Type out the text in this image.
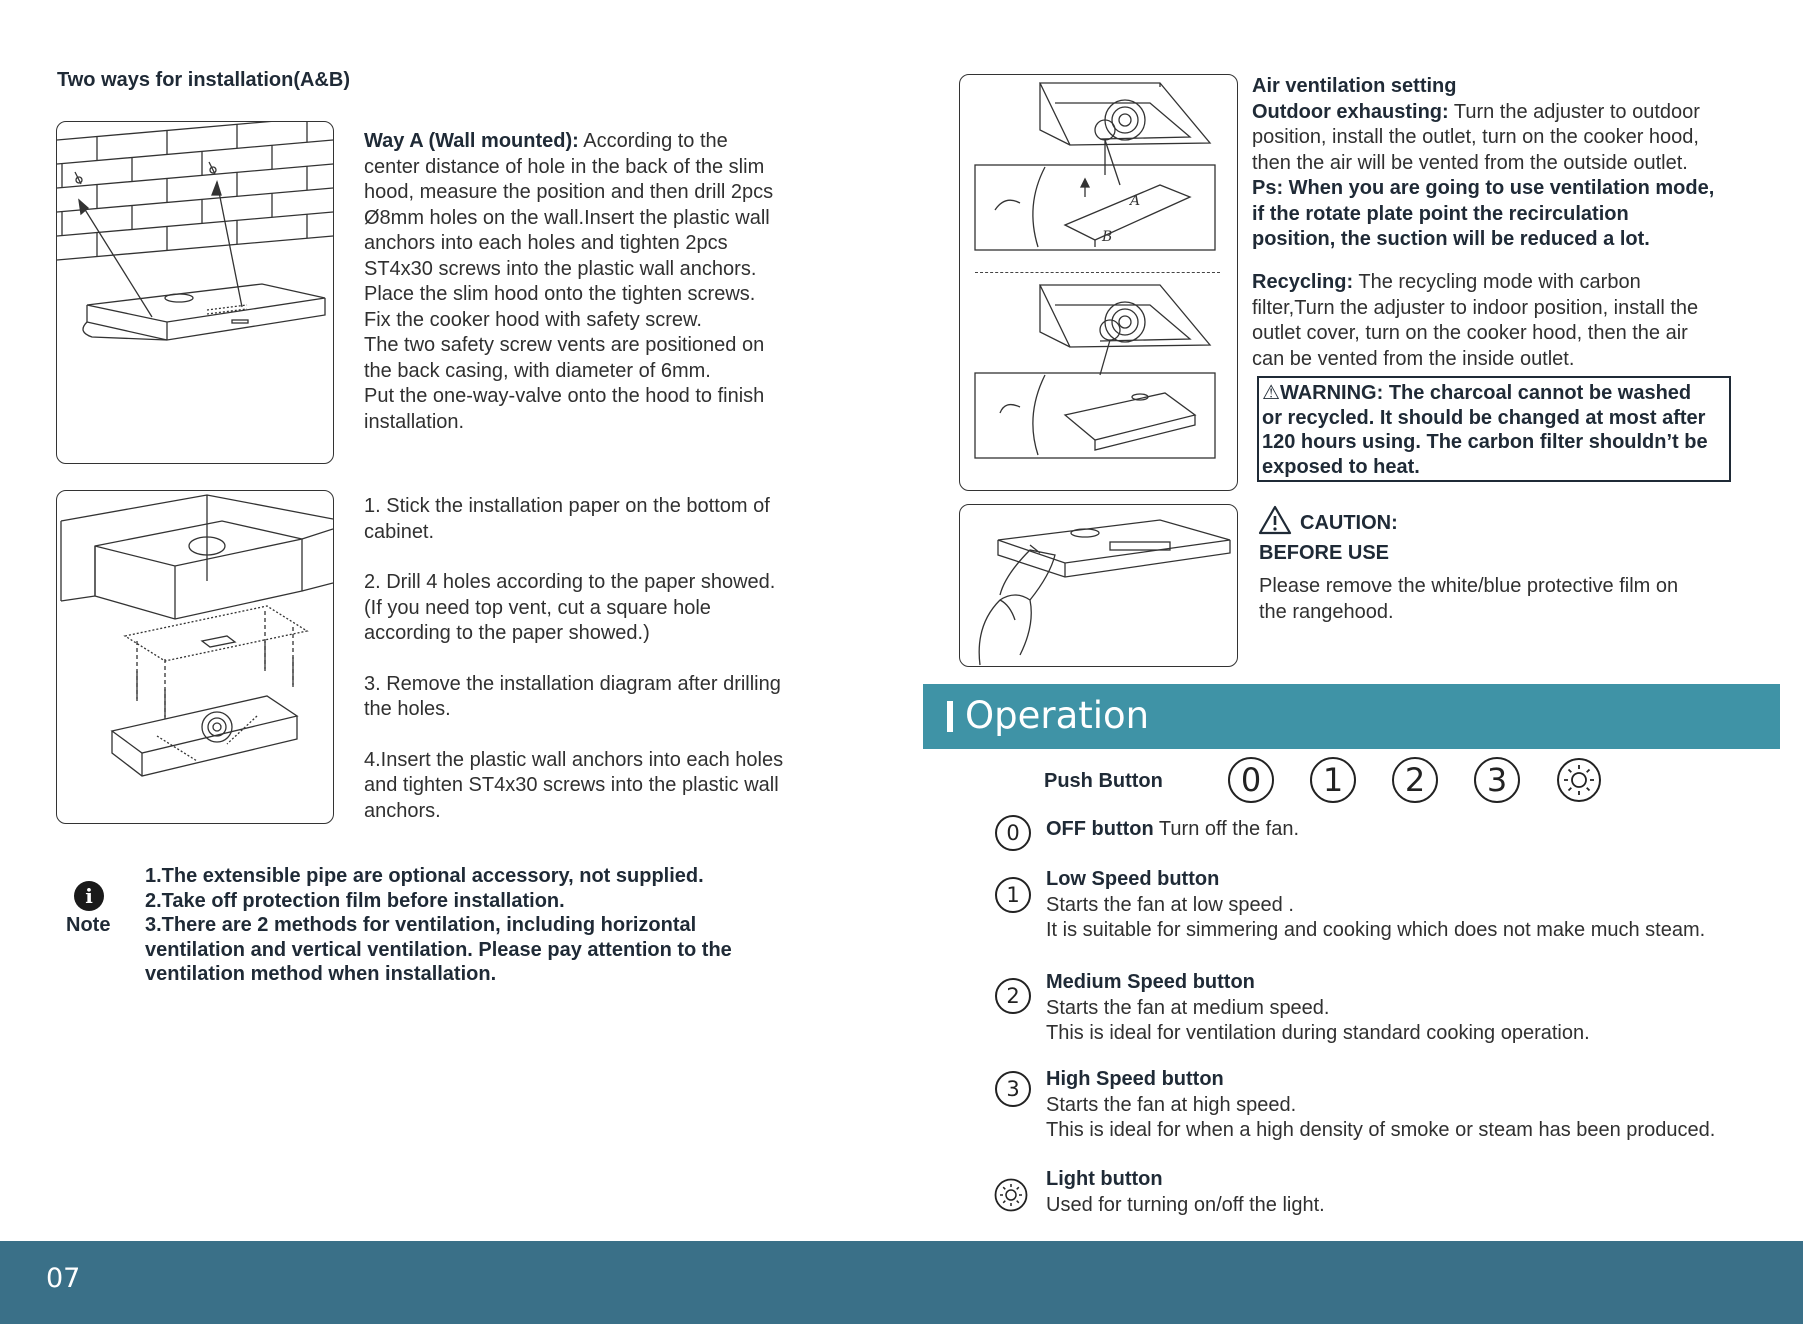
Two ways for installation(A&B)
Way A (Wall mounted): According to the
center distance of hole in the back of the slim
hood, measure the position and then drill 2pcs
Ø8mm holes on the wall.Insert the plastic wall
anchors into each holes and tighten 2pcs
ST4x30 screws into the plastic wall anchors.
Place the slim hood onto the tighten screws.
Fix the cooker hood with safety screw.
The two safety screw vents are positioned on
the back casing, with diameter of 6mm.
Put the one-way-valve onto the hood to finish
installation.
1. Stick the installation paper on the bottom of
cabinet.
2. Drill 4 holes according to the paper showed.
(If you need top vent, cut a square hole
according to the paper showed.)
3. Remove the installation diagram after drilling
the holes.
4.Insert the plastic wall anchors into each holes
and tighten ST4x30 screws into the plastic wall
anchors.
i
Note
1.The extensible pipe are optional accessory, not supplied.
2.Take off protection film before installation.
3.There are 2 methods for ventilation, including horizontal
ventilation and vertical ventilation. Please pay attention to the
ventilation method when installation.
A
B
Air ventilation setting
Outdoor exhausting: Turn the adjuster to outdoor
position, install the outlet, turn on the cooker hood,
then the air will be vented from the outside outlet.
Ps: When you are going to use ventilation mode,
if the rotate plate point the recirculation
position, the suction will be reduced a lot.
Recycling: The recycling mode with carbon
filter,Turn the adjuster to indoor position, install the
outlet cover, turn on the cooker hood, then the air
can be vented from the inside outlet.
⚠WARNING: The charcoal cannot be washed
or recycled. It should be changed at most after
120 hours using. The carbon filter shouldn’t be
exposed to heat.
CAUTION:
BEFORE USE
Please remove the white/blue protective film on
the rangehood.
Operation
Push Button	0	1	2	3
0	OFF button Turn off the fan.
1
Low Speed button
Starts the fan at low speed .
It is suitable for simmering and cooking which does not make much steam.
2
Medium Speed button
Starts the fan at medium speed.
This is ideal for ventilation during standard cooking operation.
3	High Speed button
Starts the fan at high speed.
This is ideal for when a high density of smoke or steam has been produced.
Light button
Used for turning on/off the light.
07
